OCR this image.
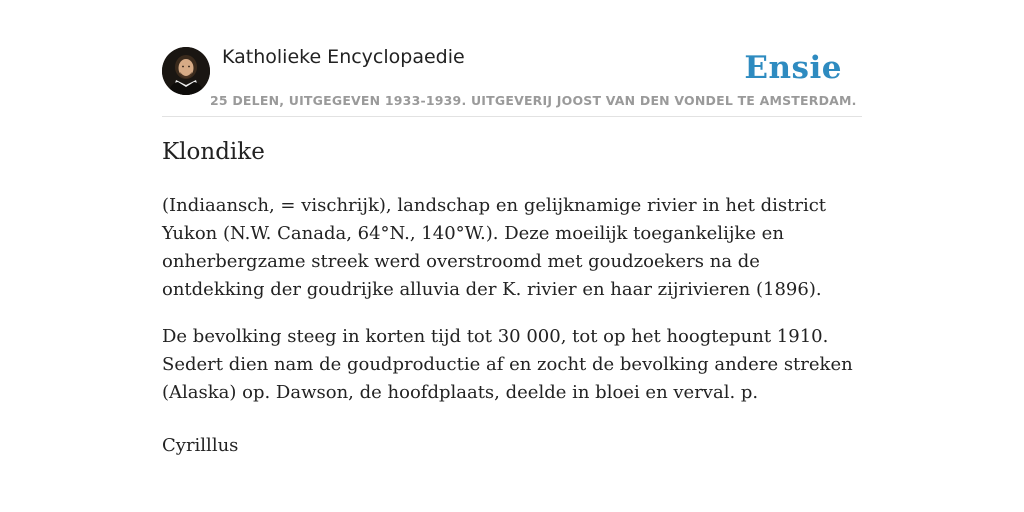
Katholieke Encyclopaedie	Ensie
25 DELEN, UITGEGEVEN 1933-1939. UITGEVERIJ JOOST VAN DEN VONDEL TE AMSTERDAM.
Klondike

(Indiaansch, = vischrijk), landschap en gelijknamige rivier in het district Yukon (N.W. Canada, 64°N., 140°W.). Deze moeilijk toegankelijke en onherbergzame streek werd overstroomd met goudzoekers na de ontdekking der goudrijke alluvia der K. rivier en haar zijrivieren (1896).

De bevolking steeg in korten tijd tot 30 000, tot op het hoogtepunt 1910. Sedert dien nam de goudproductie af en zocht de bevolking andere streken (Alaska) op. Dawson, de hoofdplaats, deelde in bloei en verval. p.

Cyrilllus
